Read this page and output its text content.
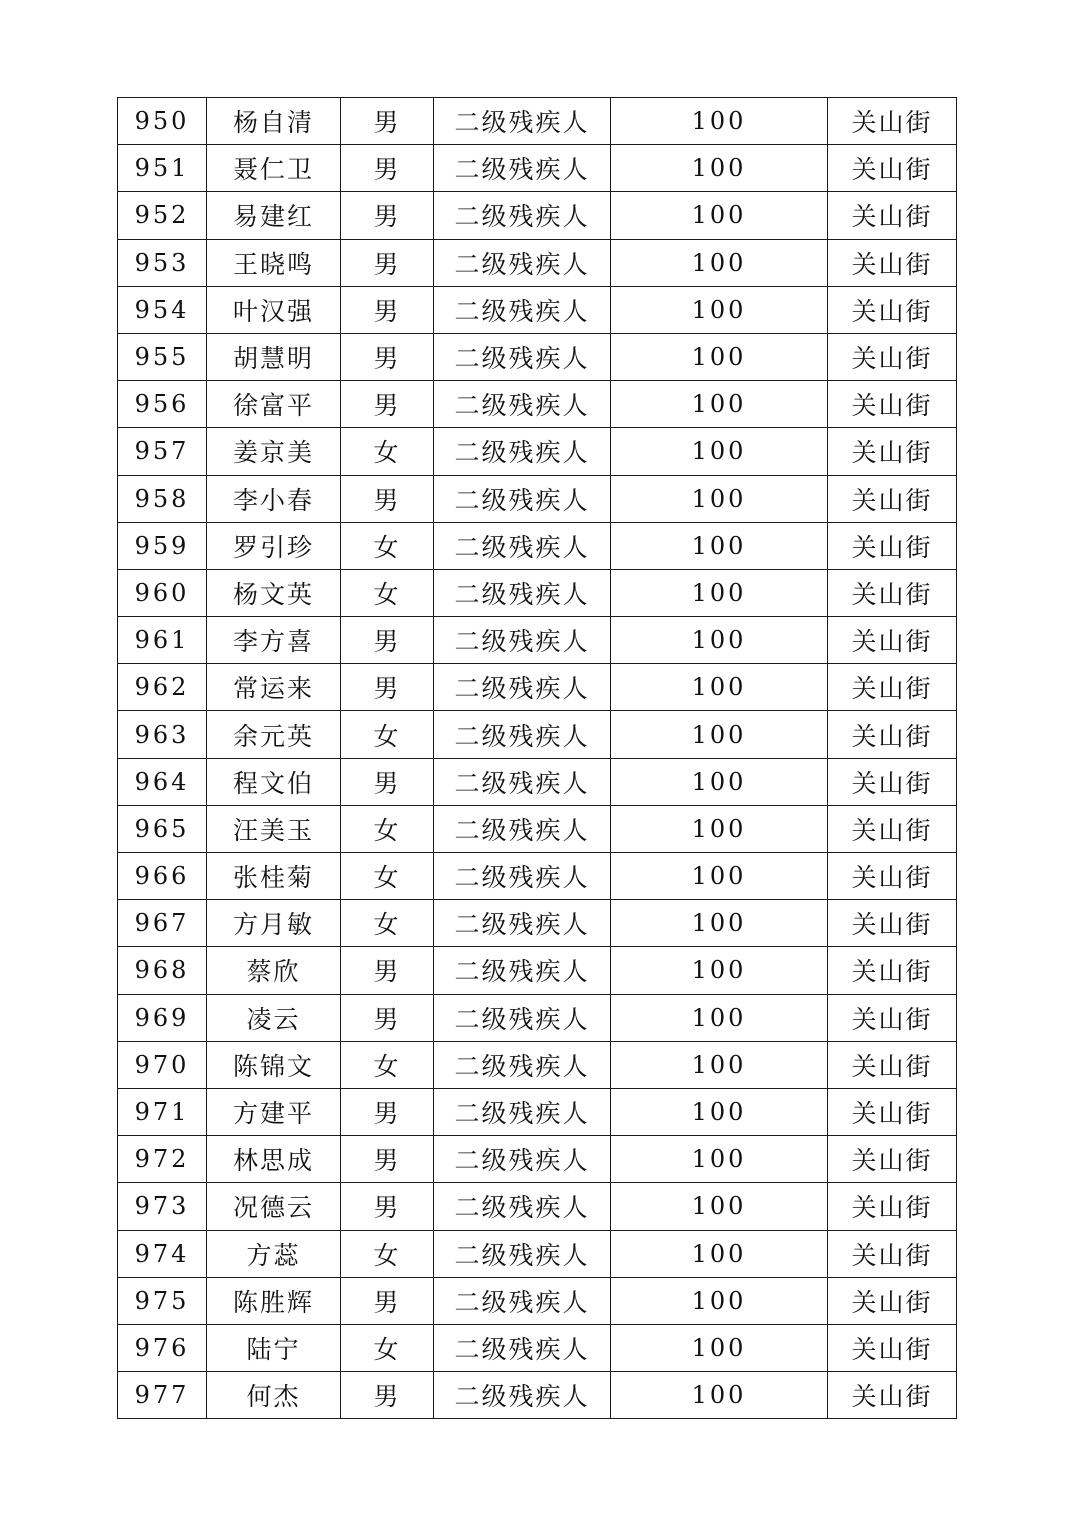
950	杨自清	男	二级残疾人	100	关山街
951	聂仁卫	男	二级残疾人	100	关山街
952	易建红	男	二级残疾人	100	关山街
953	王晓鸣	男	二级残疾人	100	关山街
954	叶汉强	男	二级残疾人	100	关山街
955	胡慧明	男	二级残疾人	100	关山街
956	徐富平	男	二级残疾人	100	关山街
957	姜京美	女	二级残疾人	100	关山街
958	李小春	男	二级残疾人	100	关山街
959	罗引珍	女	二级残疾人	100	关山街
960	杨文英	女	二级残疾人	100	关山街
961	李方喜	男	二级残疾人	100	关山街
962	常运来	男	二级残疾人	100	关山街
963	余元英	女	二级残疾人	100	关山街
964	程文伯	男	二级残疾人	100	关山街
965	汪美玉	女	二级残疾人	100	关山街
966	张桂菊	女	二级残疾人	100	关山街
967	方月敏	女	二级残疾人	100	关山街
968	蔡欣	男	二级残疾人	100	关山街
969	凌云	男	二级残疾人	100	关山街
970	陈锦文	女	二级残疾人	100	关山街
971	方建平	男	二级残疾人	100	关山街
972	林思成	男	二级残疾人	100	关山街
973	况德云	男	二级残疾人	100	关山街
974	方蕊	女	二级残疾人	100	关山街
975	陈胜辉	男	二级残疾人	100	关山街
976	陆宁	女	二级残疾人	100	关山街
977	何杰	男	二级残疾人	100	关山街
